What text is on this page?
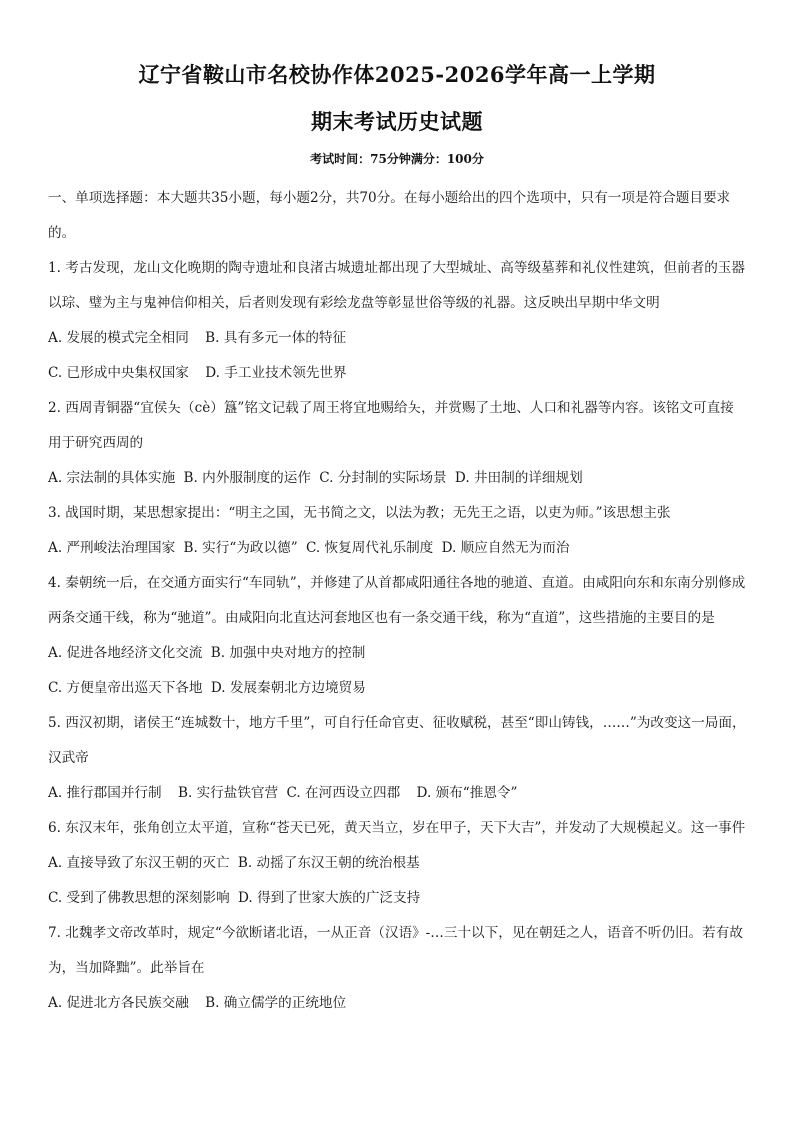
辽宁省鞍山市名校协作体2025-2026学年高一上学期
期末考试历史试题
考试时间：75分钟满分：100分

一、单项选择题：本大题共35小题，每小题2分，共70分。在每小题给出的四个选项中，只有一项是符合题目要求的。

1. 考古发现，龙山文化晚期的陶寺遗址和良渚古城遗址都出现了大型城址、高等级墓葬和礼仪性建筑，但前者的玉器以琮、璧为主与鬼神信仰相关，后者则发现有彩绘龙盘等彰显世俗等级的礼器。这反映出早期中华文明

A. 发展的模式完全相同 B. 具有多元一体的特征

C. 已形成中央集权国家 D. 手工业技术领先世界

2. 西周青铜器“宜侯夨（cè）簋”铭文记载了周王将宜地赐给夨，并赏赐了土地、人口和礼器等内容。该铭文可直接用于研究西周的

A. 宗法制的具体实施 B. 内外服制度的运作 C. 分封制的实际场景 D. 井田制的详细规划

3. 战国时期，某思想家提出：“明主之国，无书简之文，以法为教；无先王之语，以吏为师。”该思想主张

A. 严刑峻法治理国家 B. 实行“为政以德” C. 恢复周代礼乐制度 D. 顺应自然无为而治

4. 秦朝统一后，在交通方面实行“车同轨”，并修建了从首都咸阳通往各地的驰道、直道。由咸阳向东和东南分别修成两条交通干线，称为“驰道”。由咸阳向北直达河套地区也有一条交通干线，称为“直道”，这些措施的主要目的是

A. 促进各地经济文化交流 B. 加强中央对地方的控制

C. 方便皇帝出巡天下各地 D. 发展秦朝北方边境贸易

5. 西汉初期，诸侯王“连城数十，地方千里”，可自行任命官吏、征收赋税，甚至“即山铸钱，……”为改变这一局面，汉武帝

A. 推行郡国并行制 B. 实行盐铁官营 C. 在河西设立四郡 D. 颁布“推恩令”

6. 东汉末年，张角创立太平道，宣称“苍天已死，黄天当立，岁在甲子，天下大吉”，并发动了大规模起义。这一事件

A. 直接导致了东汉王朝的灭亡 B. 动摇了东汉王朝的统治根基

C. 受到了佛教思想的深刻影响 D. 得到了世家大族的广泛支持

7. 北魏孝文帝改革时，规定“今欲断诸北语，一从正音（汉语》-…三十以下，见在朝廷之人，语音不听仍旧。若有故为，当加降黜”。此举旨在

A. 促进北方各民族交融 B. 确立儒学的正统地位
